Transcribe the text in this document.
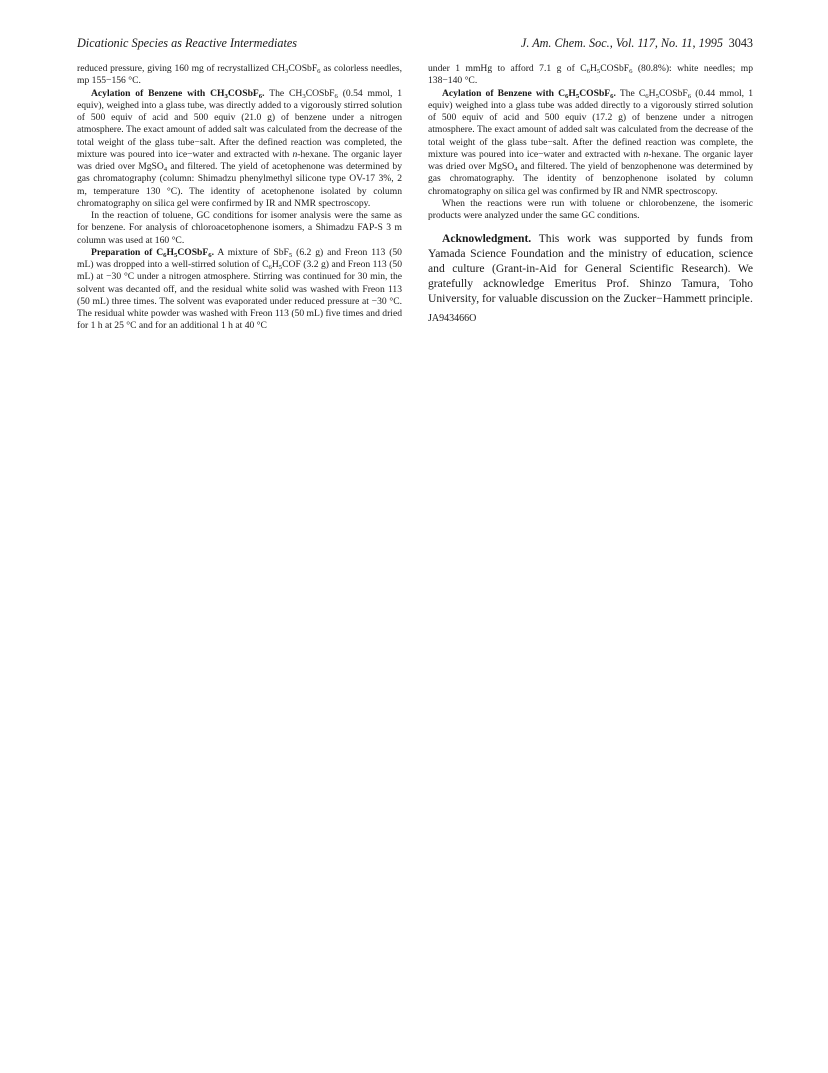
Dicationic Species as Reactive Intermediates	J. Am. Chem. Soc., Vol. 117, No. 11, 1995 3043

reduced pressure, giving 160 mg of recrystallized $CH_3COSbF_6$ as colorless needles, mp 155−156 °C.

Acylation of Benzene with $CH_3COSbF_6$. The $CH_3COSbF_6$ (0.54 mmol, 1 equiv), weighed into a glass tube, was directly added to a vigorously stirred solution of 500 equiv of acid and 500 equiv (21.0 g) of benzene under a nitrogen atmosphere. The exact amount of added salt was calculated from the decrease of the total weight of the glass tube−salt. After the defined reaction was completed, the mixture was poured into ice−water and extracted with n-hexane. The organic layer was dried over MgSO$_4$ and filtered. The yield of acetophenone was determined by gas chromatography (column: Shimadzu phenylmethyl silicone type OV-17 3%, 2 m, temperature 130 °C). The identity of acetophenone isolated by column chromatography on silica gel were confirmed by IR and NMR spectroscopy.

In the reaction of toluene, GC conditions for isomer analysis were the same as for benzene. For analysis of chloroacetophenone isomers, a Shimadzu FAP-S 3 m column was used at 160 °C.

Preparation of $C_6H_5COSbF_6$. A mixture of SbF$_5$ (6.2 g) and Freon 113 (50 mL) was dropped into a well-stirred solution of $C_6H_5COF$ (3.2 g) and Freon 113 (50 mL) at −30 °C under a nitrogen atmosphere. Stirring was continued for 30 min, the solvent was decanted off, and the residual white solid was washed with Freon 113 (50 mL) three times. The solvent was evaporated under reduced pressure at −30 °C. The residual white powder was washed with Freon 113 (50 mL) five times and dried for 1 h at 25 °C and for an additional 1 h at 40 °C

under 1 mmHg to afford 7.1 g of $C_6H_5COSbF_6$ (80.8%): white needles; mp 138−140 °C.

Acylation of Benzene with $C_6H_5COSbF_6$. The $C_6H_5COSbF_6$ (0.44 mmol, 1 equiv) weighed into a glass tube was added directly to a vigorously stirred solution of 500 equiv of acid and 500 equiv (17.2 g) of benzene under a nitrogen atmosphere. The exact amount of added salt was calculated from the decrease of the total weight of the glass tube−salt. After the defined reaction was complete, the mixture was poured into ice−water and extracted with n-hexane. The organic layer was dried over MgSO$_4$ and filtered. The yield of benzophenone was determined by gas chromatography. The identity of benzophenone isolated by column chromatography on silica gel was confirmed by IR and NMR spectroscopy.

When the reactions were run with toluene or chlorobenzene, the isomeric products were analyzed under the same GC conditions.

Acknowledgment. This work was supported by funds from Yamada Science Foundation and the ministry of education, science and culture (Grant-in-Aid for General Scientific Research). We gratefully acknowledge Emeritus Prof. Shinzo Tamura, Toho University, for valuable discussion on the Zucker−Hammett principle.

JA943466O
